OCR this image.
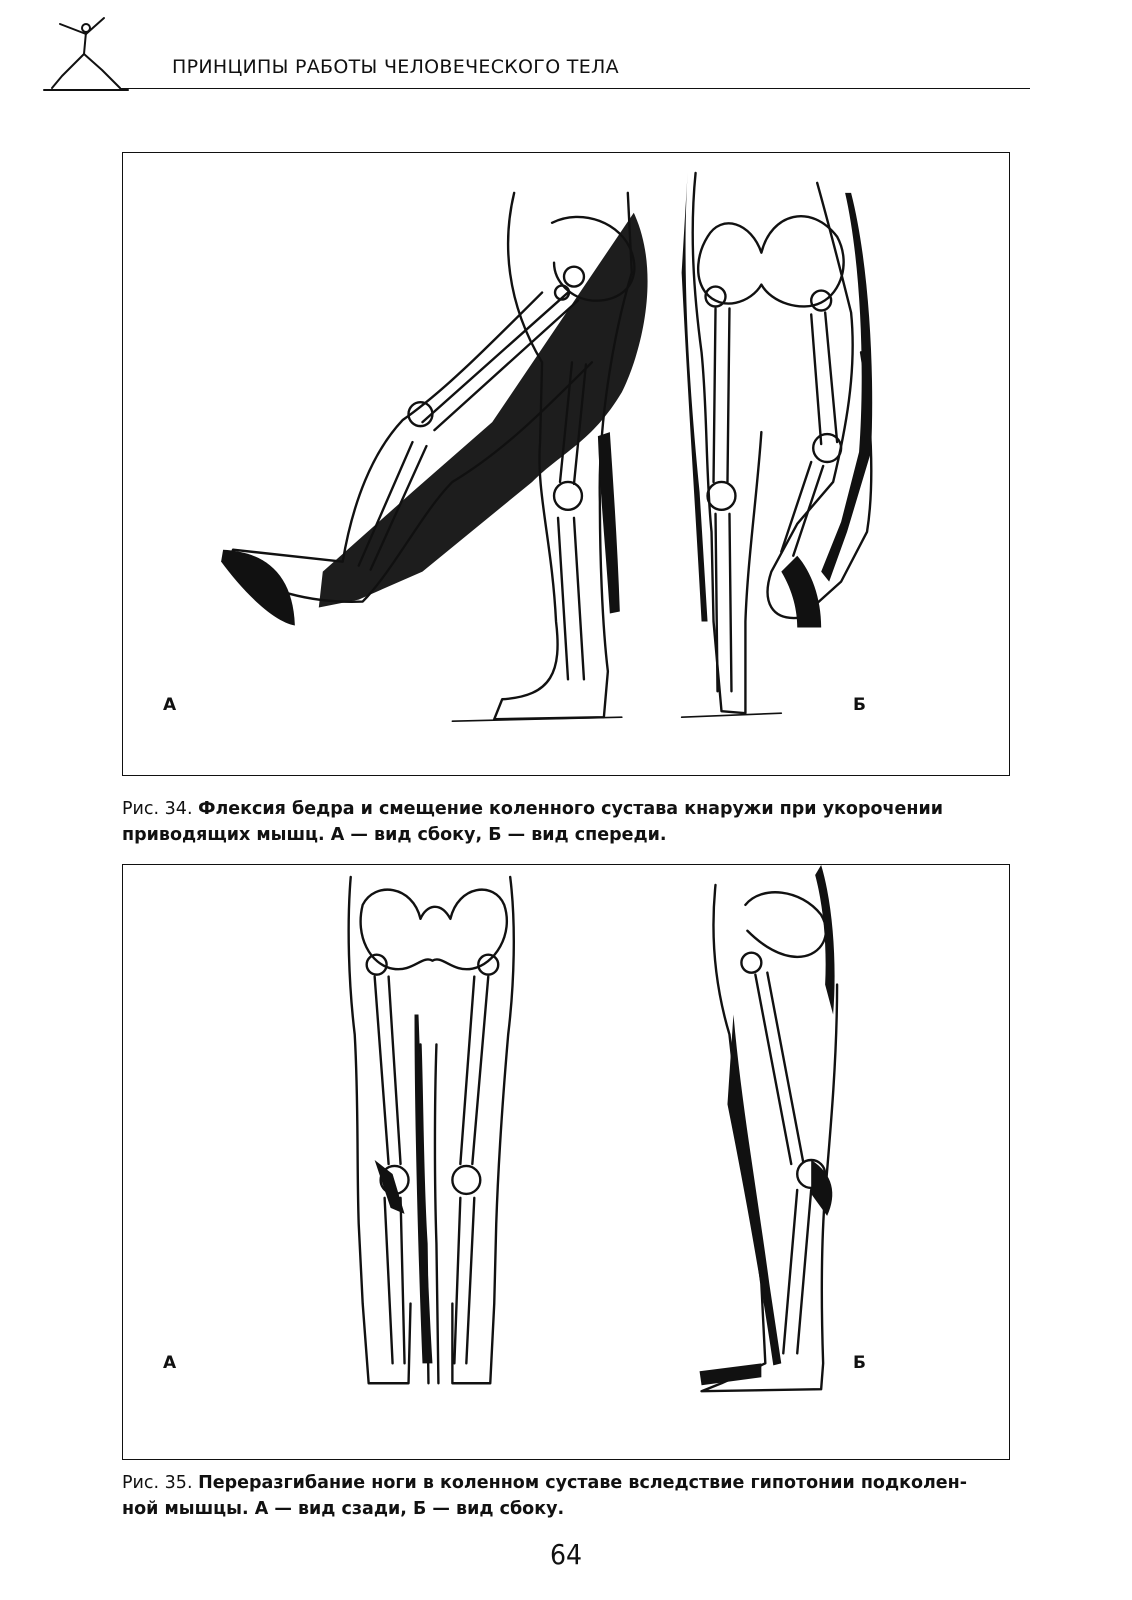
ПРИНЦИПЫ РАБОТЫ ЧЕЛОВЕЧЕСКОГО ТЕЛА
А	Б
Рис. 34. Флексия бедра и смещение коленного сустава кнаружи при укорочении
приводящих мышц. А — вид сбоку, Б — вид спереди.
А	Б
Рис. 35. Переразгибание ноги в коленном суставе вследствие гипотонии подколен-
ной мышцы. А — вид сзади, Б — вид сбоку.
64
